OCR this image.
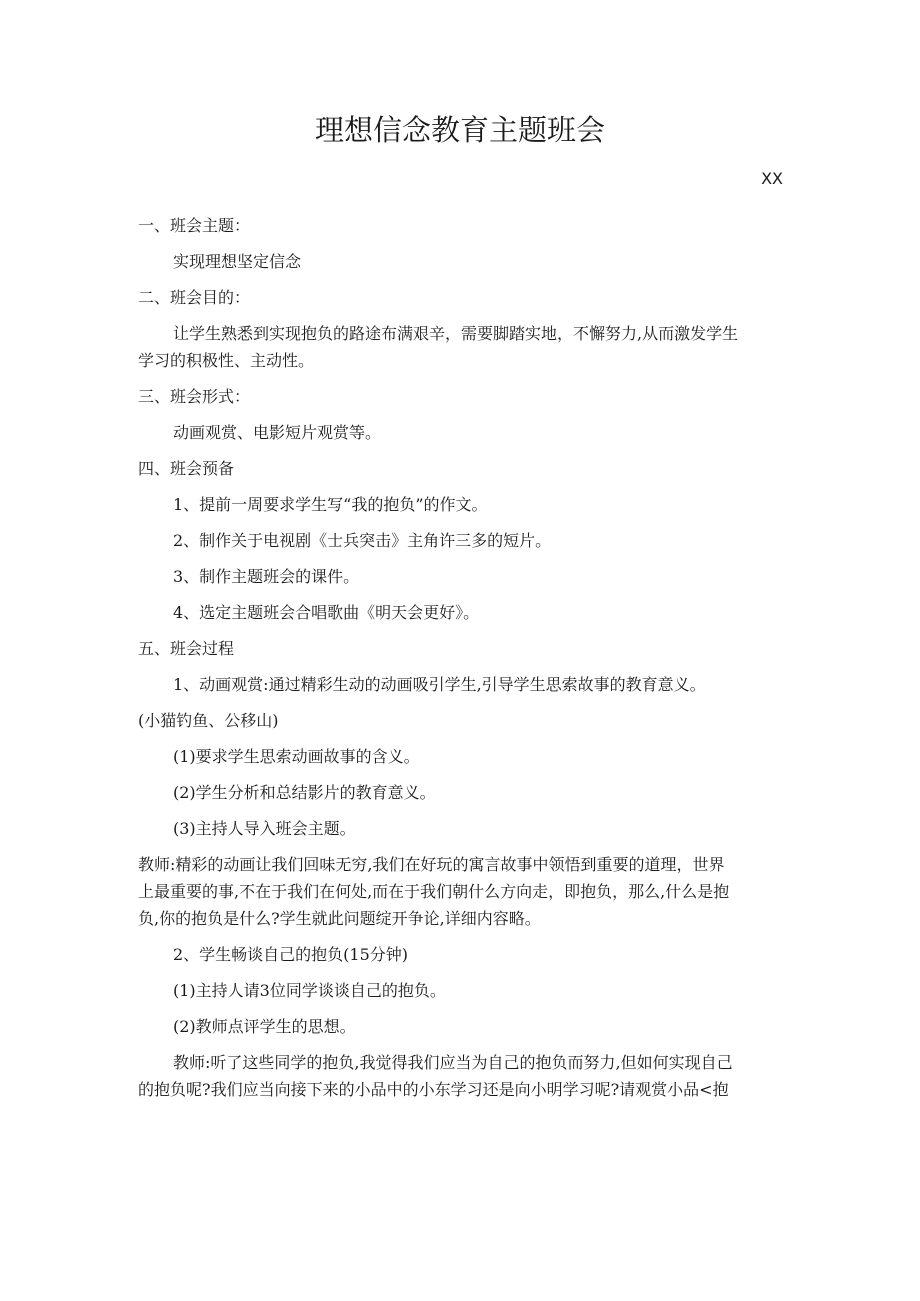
理想信念教育主题班会
XX

一、班会主题：

实现理想坚定信念

二、班会目的：

让学生熟悉到实现抱负的路途布满艰辛，需要脚踏实地，不懈努力,从而激发学生
学习的积极性、主动性。

三、班会形式：

动画观赏、电影短片观赏等。

四、班会预备

1、提前一周要求学生写“我的抱负”的作文。

2、制作关于电视剧《士兵突击》主角许三多的短片。

3、制作主题班会的课件。

4、选定主题班会合唱歌曲《明天会更好》。

五、班会过程

1、动画观赏:通过精彩生动的动画吸引学生,引导学生思索故事的教育意义。

(小猫钓鱼、公移山)

(1)要求学生思索动画故事的含义。

(2)学生分析和总结影片的教育意义。

(3)主持人导入班会主题。

教师:精彩的动画让我们回味无穷,我们在好玩的寓言故事中领悟到重要的道理，世界
上最重要的事,不在于我们在何处,而在于我们朝什么方向走，即抱负，那么,什么是抱
负,你的抱负是什么?学生就此问题绽开争论,详细内容略。

2、学生畅谈自己的抱负(15分钟)

(1)主持人请3位同学谈谈自己的抱负。

(2)教师点评学生的思想。

教师:听了这些同学的抱负,我觉得我们应当为自己的抱负而努力,但如何实现自己
的抱负呢?我们应当向接下来的小品中的小东学习还是向小明学习呢?请观赏小品<抱
